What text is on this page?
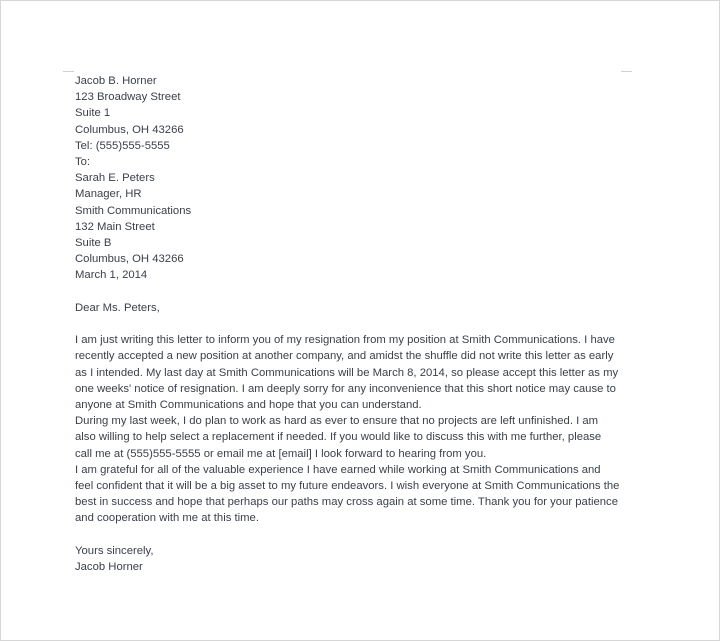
Jacob B. Horner
123 Broadway Street
Suite 1
Columbus, OH 43266
Tel: (555)555-5555
To:
Sarah E. Peters
Manager, HR
Smith Communications
132 Main Street
Suite B
Columbus, OH 43266
March 1, 2014
Dear Ms. Peters,
I am just writing this letter to inform you of my resignation from my position at Smith Communications. I have
recently accepted a new position at another company, and amidst the shuffle did not write this letter as early
as I intended. My last day at Smith Communications will be March 8, 2014, so please accept this letter as my
one weeks' notice of resignation. I am deeply sorry for any inconvenience that this short notice may cause to
anyone at Smith Communications and hope that you can understand.
During my last week, I do plan to work as hard as ever to ensure that no projects are left unfinished. I am
also willing to help select a replacement if needed. If you would like to discuss this with me further, please
call me at (555)555-5555 or email me at [email] I look forward to hearing from you.
I am grateful for all of the valuable experience I have earned while working at Smith Communications and
feel confident that it will be a big asset to my future endeavors. I wish everyone at Smith Communications the
best in success and hope that perhaps our paths may cross again at some time. Thank you for your patience
and cooperation with me at this time.
Yours sincerely,
Jacob Horner
